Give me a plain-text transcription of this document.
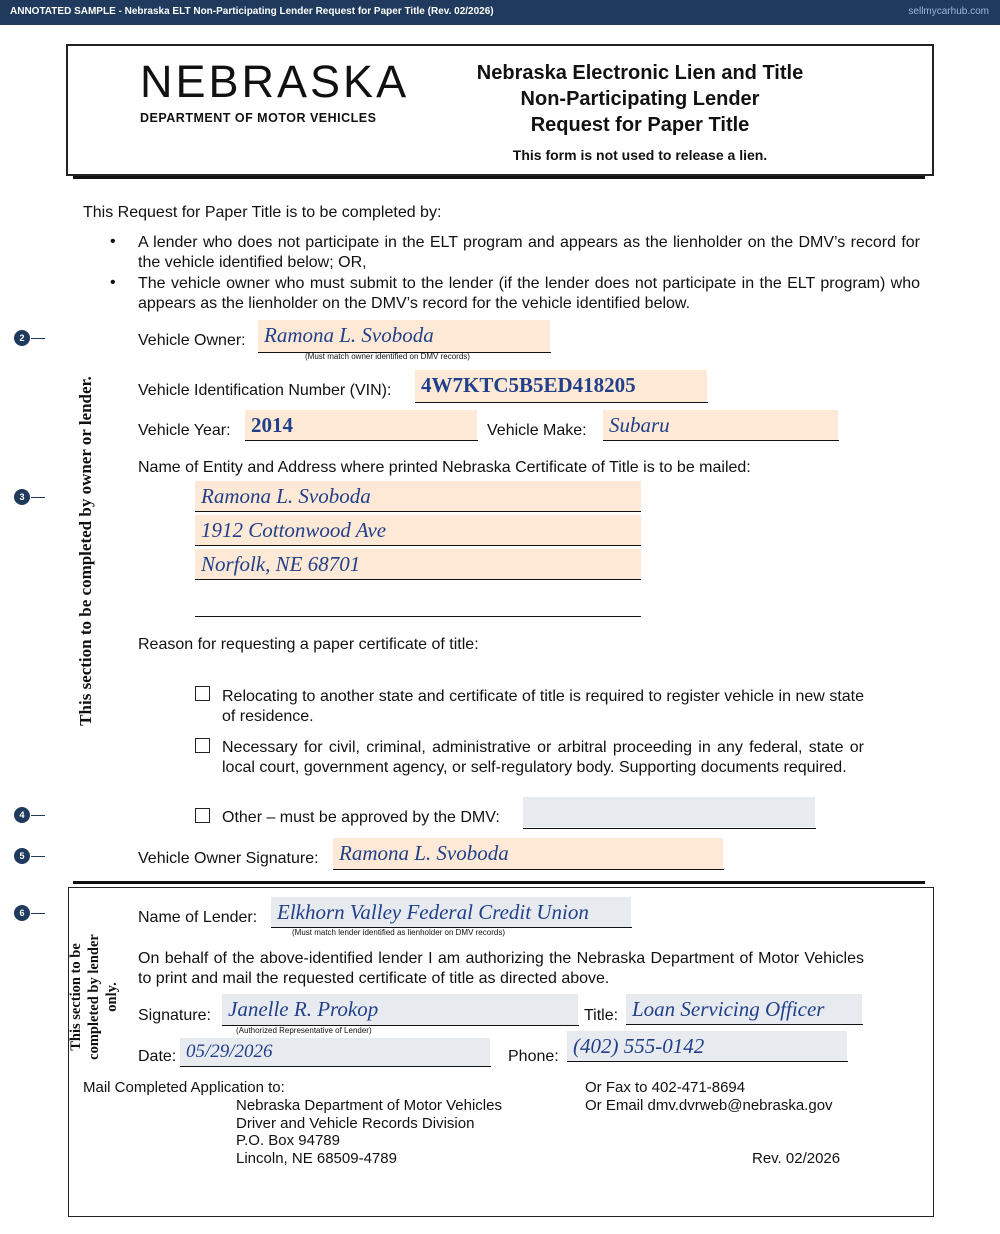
ANNOTATED SAMPLE - Nebraska ELT Non-Participating Lender Request for Paper Title (Rev. 02/2026)	sellmycarhub.com
NEBRASKA
DEPARTMENT OF MOTOR VEHICLES
Nebraska Electronic Lien and Title
Non-Participating Lender
Request for Paper Title
This form is not used to release a lien.
This Request for Paper Title is to be completed by:
• A lender who does not participate in the ELT program and appears as the lienholder on the DMV’s record for the vehicle identified below; OR,
• The vehicle owner who must submit to the lender (if the lender does not participate in the ELT program) who appears as the lienholder on the DMV’s record for the vehicle identified below.
This section to be completed by owner or lender.
2
3
4
5
6
Vehicle Owner: Ramona L. Svoboda
(Must match owner identified on DMV records)
Vehicle Identification Number (VIN): 4W7KTC5B5ED418205
Vehicle Year: 2014	Vehicle Make: Subaru
Name of Entity and Address where printed Nebraska Certificate of Title is to be mailed:
Ramona L. Svoboda
1912 Cottonwood Ave
Norfolk, NE 68701
Reason for requesting a paper certificate of title:
Relocating to another state and certificate of title is required to register vehicle in new state of residence.
Necessary for civil, criminal, administrative or arbitral proceeding in any federal, state or local court, government agency, or self-regulatory body. Supporting documents required.
Other – must be approved by the DMV:
Vehicle Owner Signature: Ramona L. Svoboda
This section to be completed by lender only.
Name of Lender: Elkhorn Valley Federal Credit Union
(Must match lender identified as lienholder on DMV records)
On behalf of the above-identified lender I am authorizing the Nebraska Department of Motor Vehicles to print and mail the requested certificate of title as directed above.
Signature: Janelle R. Prokop
(Authorized Representative of Lender)
Title: Loan Servicing Officer
Date: 05/29/2026	Phone: (402) 555-0142
Mail Completed Application to:
Nebraska Department of Motor Vehicles
Driver and Vehicle Records Division
P.O. Box 94789
Lincoln, NE 68509-4789
Or Fax to 402-471-8694
Or Email dmv.dvrweb@nebraska.gov
Rev. 02/2026
